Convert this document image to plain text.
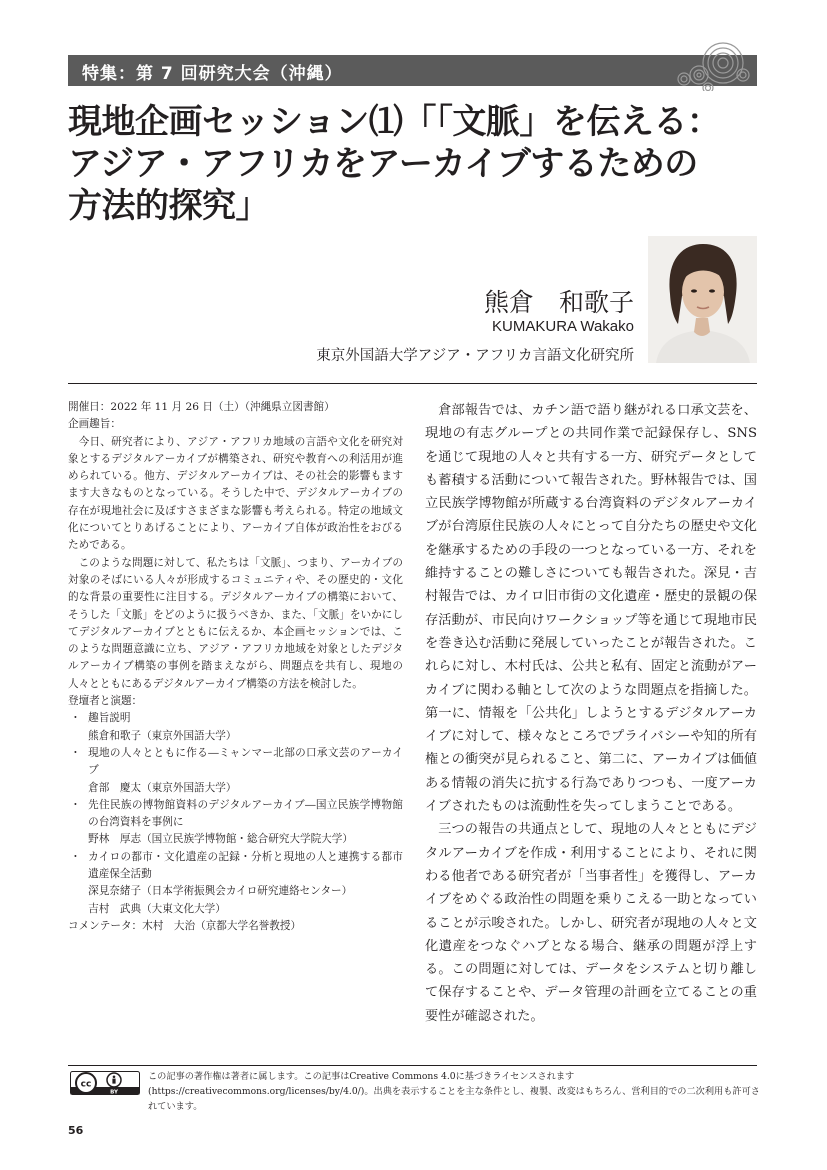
特集：第 7 回研究大会（沖縄）
現地企画セッション⑴「「文脈」を伝える：
アジア・アフリカをアーカイブするための
方法的探究」
熊倉　和歌子
KUMAKURA Wakako
東京外国語大学アジア・アフリカ言語文化研究所

開催日：2022 年 11 月 26 日（土）（沖縄県立図書館）

企画趣旨：

今日、研究者により、アジア・アフリカ地域の言語や文化を研究対象とするデジタルアーカイブが構築され、研究や教育への利活用が進められている。他方、デジタルアーカイブは、その社会的影響もますます大きなものとなっている。そうした中で、デジタルアーカイブの存在が現地社会に及ぼすさまざまな影響も考えられる。特定の地域文化についてとりあげることにより、アーカイブ自体が政治性をおびるためである。

このような問題に対して、私たちは「文脈」、つまり、アーカイブの対象のそばにいる人々が形成するコミュニティや、その歴史的・文化的な背景の重要性に注目する。デジタルアーカイブの構築において、そうした「文脈」をどのように扱うべきか、また、「文脈」をいかにしてデジタルアーカイブとともに伝えるか、本企画セッションでは、このような問題意識に立ち、アジア・アフリカ地域を対象としたデジタルアーカイブ構築の事例を踏まえながら、問題点を共有し、現地の人々とともにあるデジタルアーカイブ構築の方法を検討した。

登壇者と演題：

・ 趣旨説明

熊倉和歌子（東京外国語大学）

・ 現地の人々とともに作る―ミャンマー北部の口承文芸のアーカイブ

倉部　慶太（東京外国語大学）

・ 先住民族の博物館資料のデジタルアーカイブ―国立民族学博物館の台湾資料を事例に

野林　厚志（国立民族学博物館・総合研究大学院大学）

・ カイロの都市・文化遺産の記録・分析と現地の人と連携する都市遺産保全活動

深見奈緒子（日本学術振興会カイロ研究連絡センター）

吉村　武典（大東文化大学）

コメンテータ：木村　大治（京都大学名誉教授）

倉部報告では、カチン語で語り継がれる口承文芸を、現地の有志グループとの共同作業で記録保存し、SNS を通じて現地の人々と共有する一方、研究データとしても蓄積する活動について報告された。野林報告では、国立民族学博物館が所蔵する台湾資料のデジタルアーカイブが台湾原住民族の人々にとって自分たちの歴史や文化を継承するための手段の一つとなっている一方、それを維持することの難しさについても報告された。深見・吉村報告では、カイロ旧市街の文化遺産・歴史的景観の保存活動が、市民向けワークショップ等を通じて現地市民を巻き込む活動に発展していったことが報告された。これらに対し、木村氏は、公共と私有、固定と流動がアーカイブに関わる軸として次のような問題点を指摘した。第一に、情報を「公共化」しようとするデジタルアーカイブに対して、様々なところでプライバシーや知的所有権との衝突が見られること、第二に、アーカイブは価値ある情報の消失に抗する行為でありつつも、一度アーカイブされたものは流動性を失ってしまうことである。

三つの報告の共通点として、現地の人々とともにデジタルアーカイブを作成・利用することにより、それに関わる他者である研究者が「当事者性」を獲得し、アーカイブをめぐる政治性の問題を乗りこえる一助となっていることが示唆された。しかし、研究者が現地の人々と文化遺産をつなぐハブとなる場合、継承の問題が浮上する。この問題に対しては、データをシステムと切り離して保存することや、データ管理の計画を立てることの重要性が確認された。

cc
BY
この記事の著作権は著者に属します。この記事はCreative Commons 4.0に基づきライセンスされます(https://creativecommons.org/licenses/by/4.0/)。出典を表示することを主な条件とし、複製、改変はもちろん、営利目的での二次利用も許可されています。
56
